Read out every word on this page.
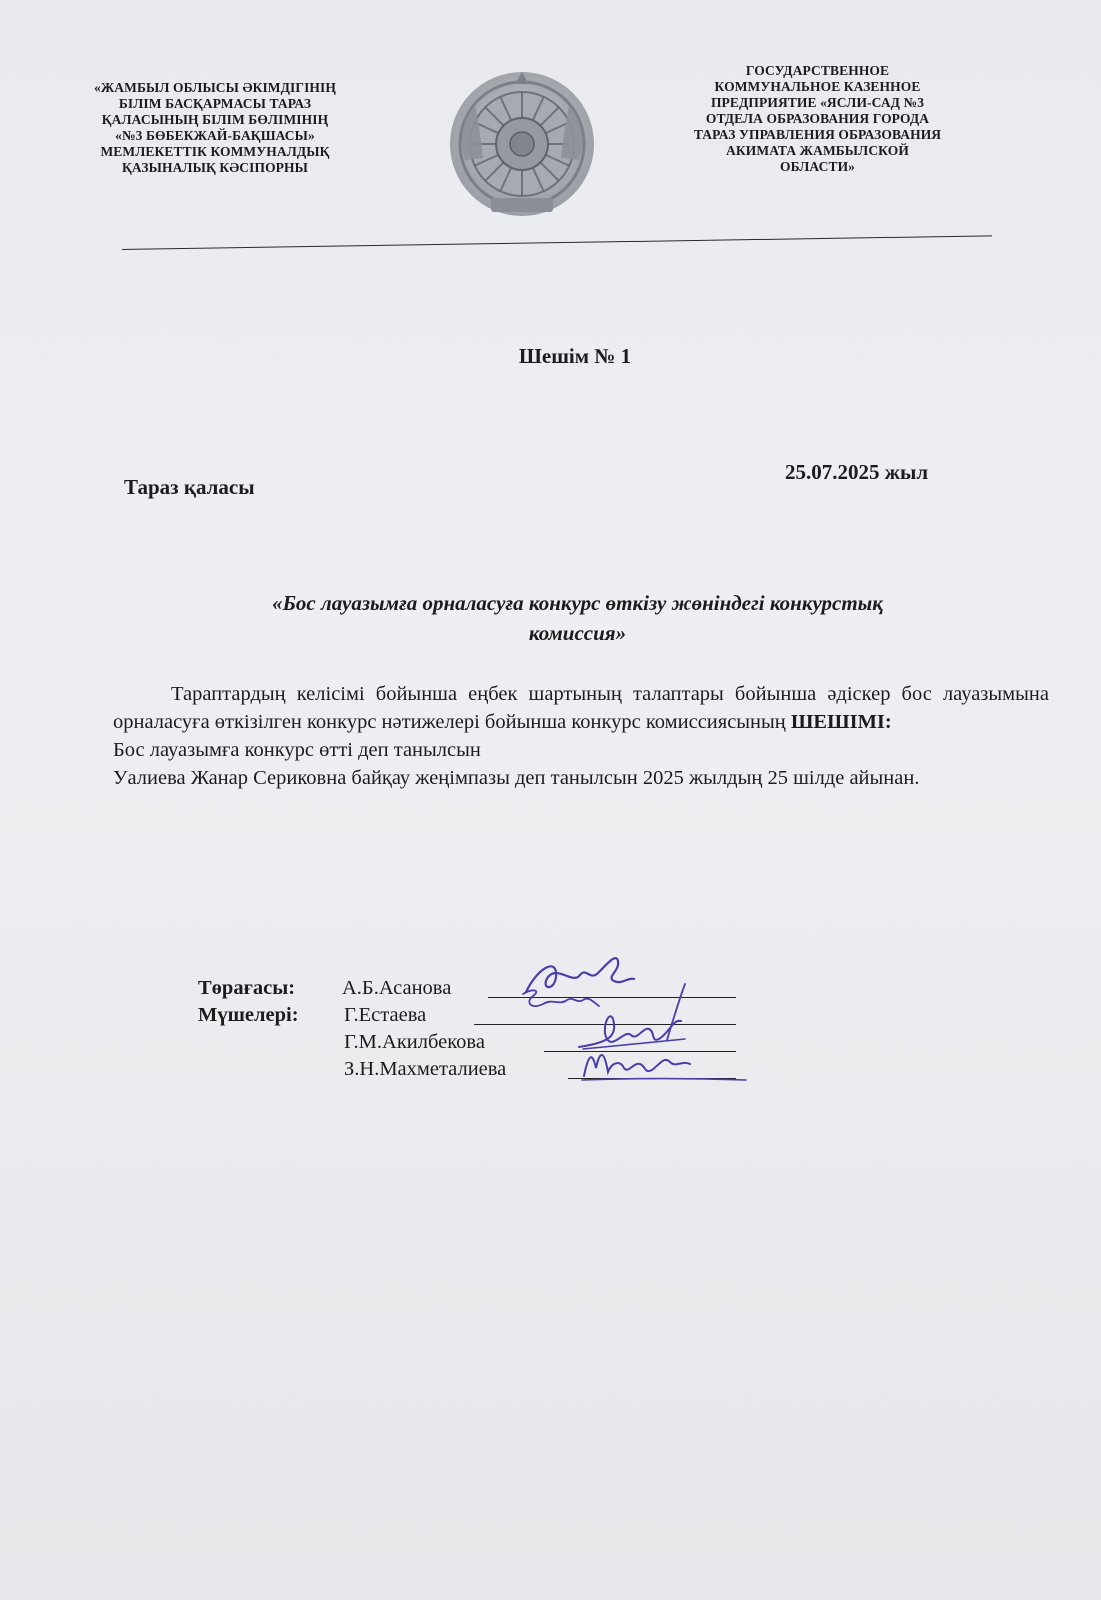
«ЖАМБЫЛ ОБЛЫСЫ ӘКІМДІГІНІҢ
БІЛІМ БАСҚАРМАСЫ ТАРАЗ
ҚАЛАСЫНЫҢ БІЛІМ БӨЛІМІНІҢ
«№3 БӨБЕКЖАЙ-БАҚШАСЫ»
МЕМЛЕКЕТТІК КОММУНАЛДЫҚ
ҚАЗЫНАЛЫҚ КӘСІПОРНЫ
ГОСУДАРСТВЕННОЕ
КОММУНАЛЬНОЕ КАЗЕННОЕ
ПРЕДПРИЯТИЕ «ЯСЛИ-САД №3
ОТДЕЛА ОБРАЗОВАНИЯ ГОРОДА
ТАРАЗ УПРАВЛЕНИЯ ОБРАЗОВАНИЯ
АКИМАТА ЖАМБЫЛСКОЙ
ОБЛАСТИ»
Шешім № 1
Тараз қаласы
25.07.2025 жыл
«Бос лауазымға орналасуға конкурс өткізу жөніндегі конкурстық
комиссия»

Тараптардың келісімі бойынша еңбек шартының талаптары бойынша әдіскер бос лауазымына орналасуға өткізілген конкурс нәтижелері бойынша конкурс комиссиясының ШЕШІМІ:

Бос лауазымға конкурс өтті деп танылсын

Уалиева Жанар Сериковна байқау жеңімпазы деп танылсын 2025 жылдың 25 шілде айынан.

Төрағасы: А.Б.Асанова
Мүшелері: Г.Естаева
Г.М.Акилбекова
З.Н.Махметалиева
